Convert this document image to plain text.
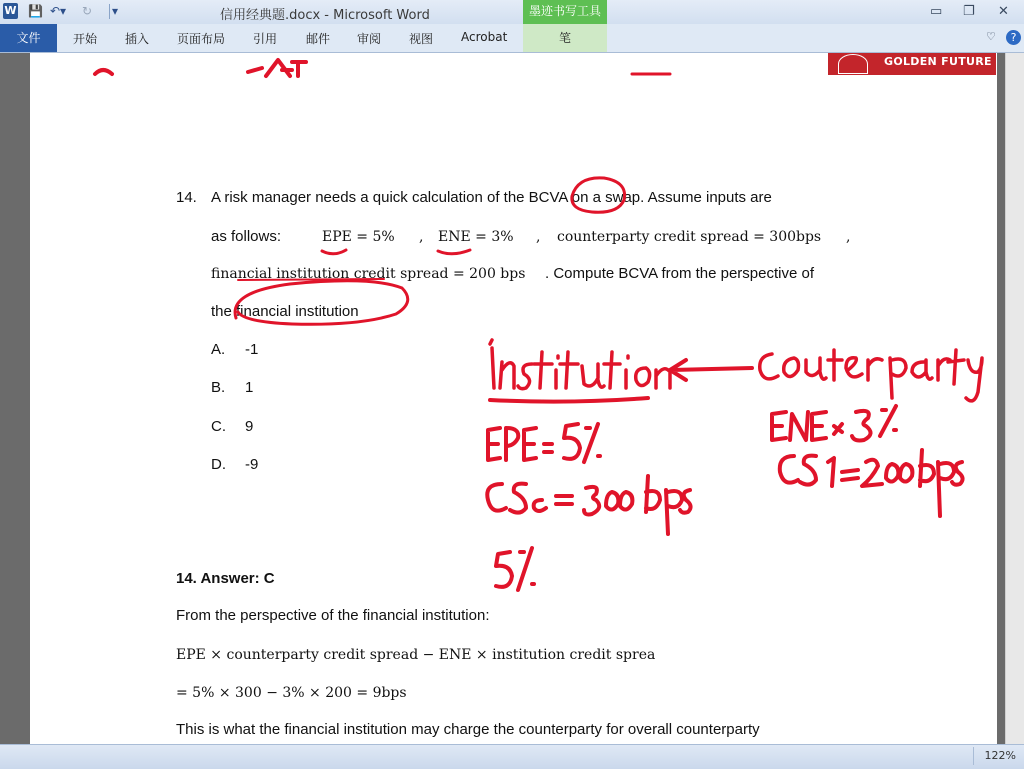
W 💾 ↶▾ ↻ ▾	信用经典题.docx - Microsoft Word	墨迹书写工具	▭ ❐ ✕
开始 插入 页面布局 引用 邮件 审阅 视图 Acrobat
文件	笔	♡	?
GOLDEN FUTURE
14. A risk manager needs a quick calculation of the BCVA on a swap. Assume inputs are
as follows:	EPE = 5% , ENE = 3% , counterparty credit spread = 300bps ,
financial institution credit spread = 200 bps . Compute BCVA from the perspective of
the financial institution
A. -1
B. 1
C. 9
D. -9
14. Answer: C
From the perspective of the financial institution:
EPE × counterparty credit spread − ENE × institution credit sprea
= 5% × 300 − 3% × 200 = 9bps
This is what the financial institution may charge the counterparty for overall counterparty
122%
